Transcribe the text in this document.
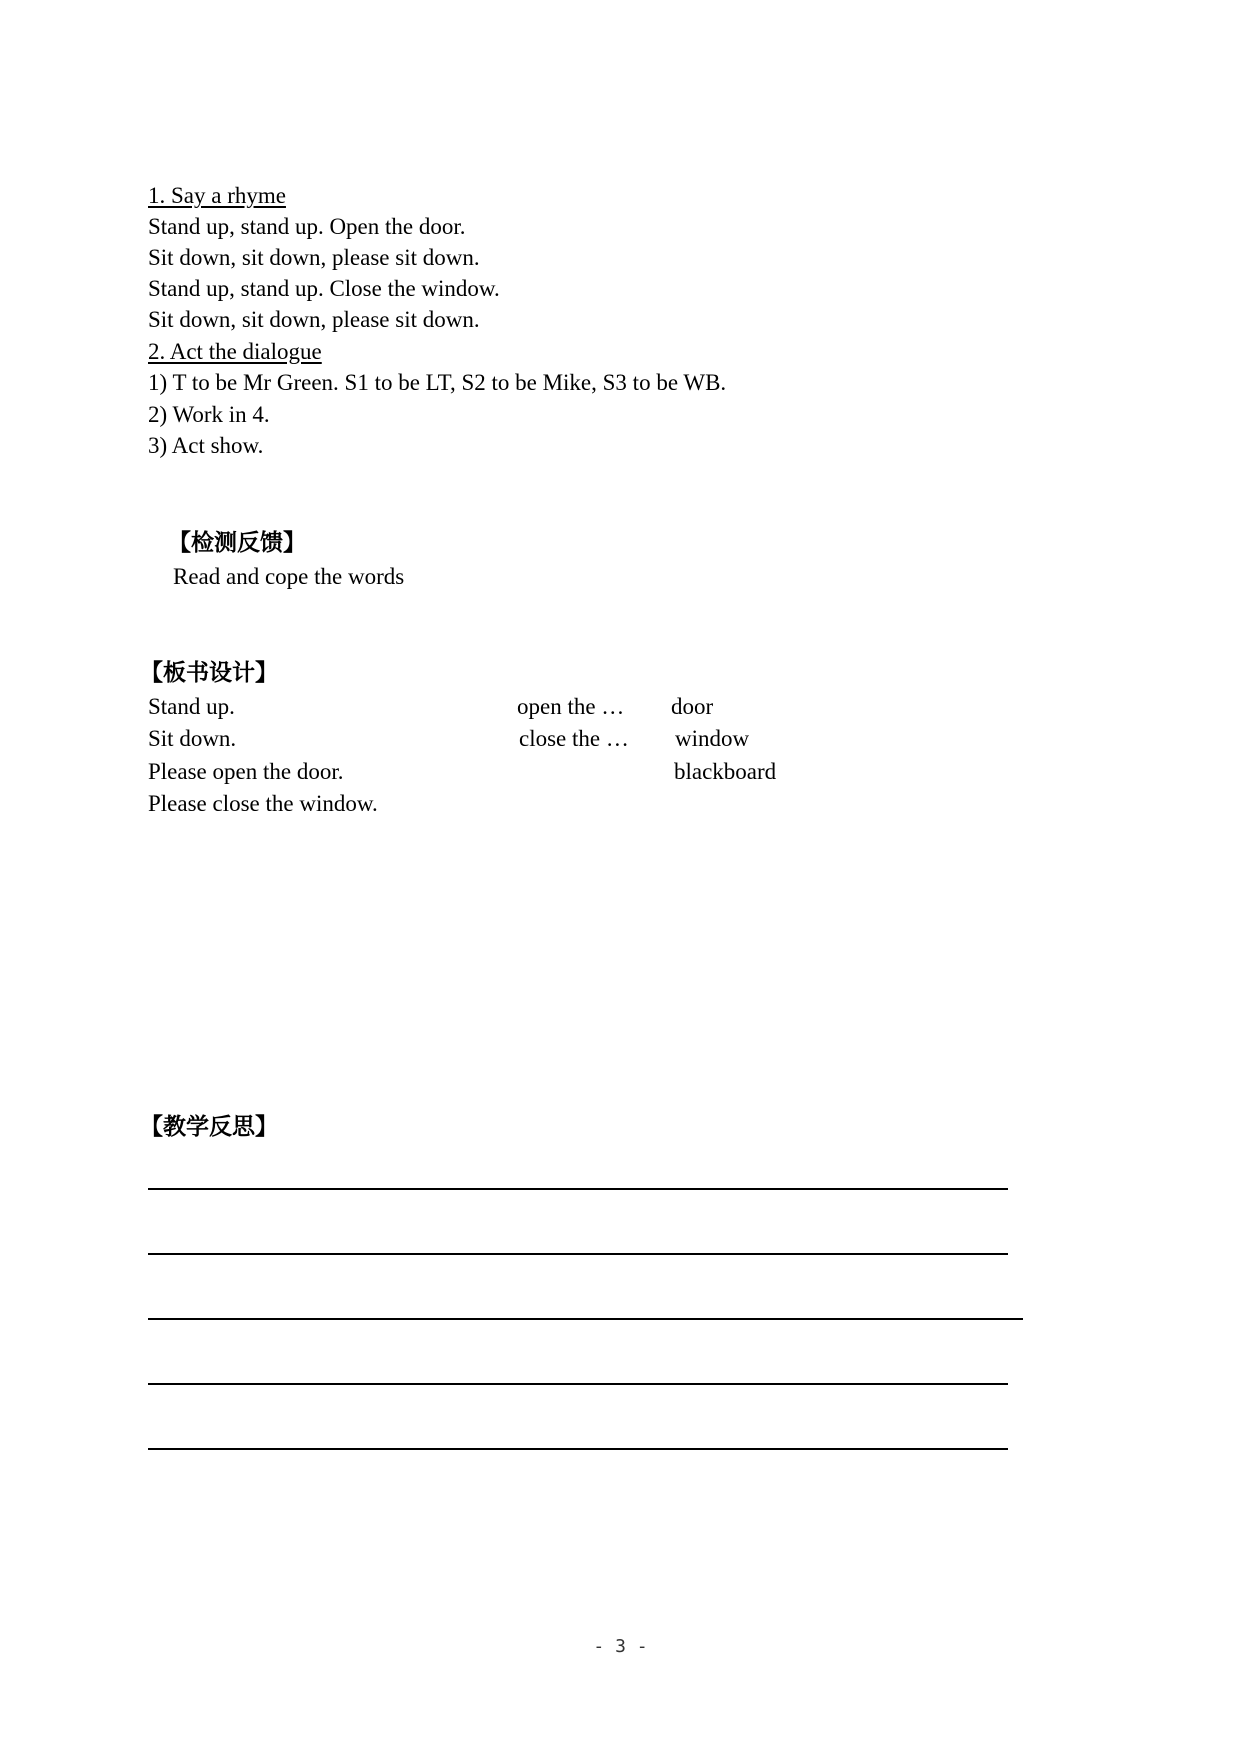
1. Say a rhyme
Stand up, stand up. Open the door.
Sit down, sit down, please sit down.
Stand up, stand up. Close the window.
Sit down, sit down, please sit down.
2. Act the dialogue
1) T to be Mr Green. S1 to be LT, S2 to be Mike, S3 to be WB.
2) Work in 4.
3) Act show.
【检测反馈】
Read and cope the words
【板书设计】
Stand up.
Sit down.
Please open the door.
Please close the window.
open the …
close the …
door
window
blackboard
【教学反思】
- 3 -
